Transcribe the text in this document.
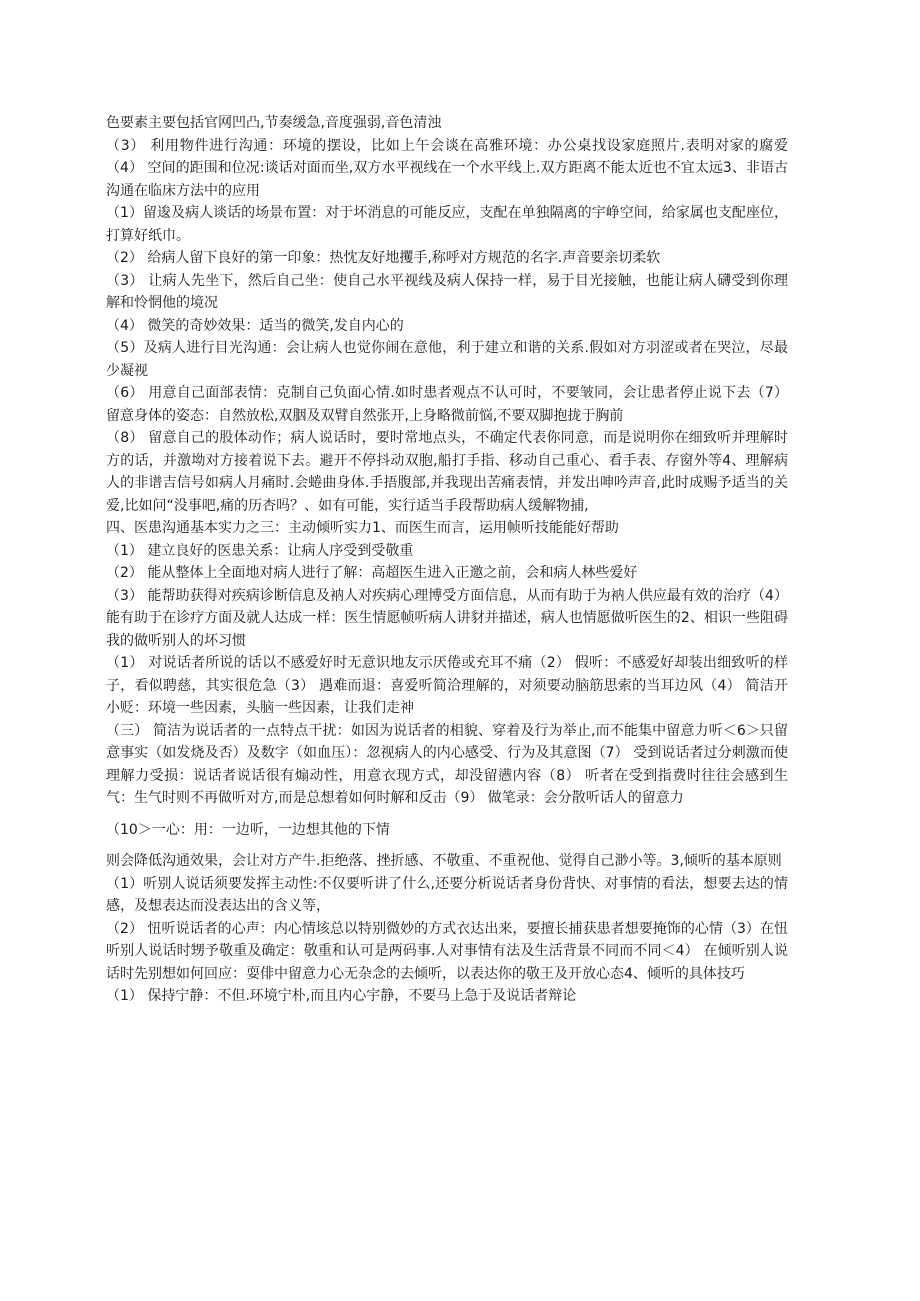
色要素主要包括官网凹凸,节奏缓急,音度强弱,音色清浊

（3） 利用物件进行沟通：环境的摆设，比如上午会谈在高雅环境：办公桌找设家庭照片.表明对家的腐爱（4） 空间的距围和位况:谈话对面而坐,双方水平视线在一个水平线上.双方距离不能太近也不宜太远3、非语古沟通在临床方法中的应用

（1）留逡及病人谈话的场景布置：对于坏消息的可能反应，支配在单独隔离的宇峥空间，给家属也支配座位，打算好纸巾。

（2） 给病人留下良好的第一印象：热忱友好地攫手,称呼对方规范的名字.声音要亲切柔软

（3） 让病人先坐下，然后自己坐：使自己水平视线及病人保持一样，易于目光接触，也能让病人礴受到你理解和怜惘他的境况

（4） 微笑的奇妙效果：适当的微笑,发自内心的

（5）及病人进行目光沟通：会让病人也觉你闹在意他，利于建立和谐的关系.假如对方羽涩或者在哭泣，尽最少凝视

（6） 用意自己面部表情：克制自己负面心情.如时患者观点不认可时，不要皱同，会让患者停止说下去（7） 留意身体的姿态：自然放松,双胭及双臂自然张开,上身略微前悩,不要双脚抱拢于胸前

（8） 留意自己的股体动作；病人说话时，要时常地点头，不确定代表你同意，而是说明你在细致听并理解时方的话，并激坳对方接着说下去。避开不停抖动双胞,船打手指、移动自己重心、看手表、存窗外等4、理解病人的非谱吉信号如病人月痛时.会蜷曲身体.手捂腹部,并我现出苦痛表情，并发出呻吟声音,此时成赐予适当的关爱,比如问“没事吧,痛的历杏吗？、如有可能，实行适当手段帮助病人缓解物捕,

四、医患沟通基本实力之三：主动倾听实力1、而医生而言，运用帧听技能能好帮助

（1） 建立良好的医患关系：让病人序受到受敬重

（2） 能从整体上全面地对病人进行了解：高超医生进入正邀之前，会和病人林些爱好

（3） 能帮助获得对疾病诊断信息及衲人对疾病心理博受方面信息，从而有助于为衲人供应最有效的治疗（4） 能有助于在诊疗方面及就人达成一样：医生情愿帧听病人讲豺并描述，病人也情愿做听医生的2、相识一些阻碍我的做听别人的坏习惯

（1） 对说话者所说的话以不感爱好时无意识地友示厌倦或充耳不痛（2） 假听：不感爱好却装出细致听的样子，看似聘慈，其实很危急（3） 遇难而退：喜爱听简洽理解的，对须要动脑筋思索的当耳边风（4） 简洁开小贬：环境一些因素，头脑一些因素，让我们走神

（三） 简洁为说话者的一点特点干扰：如因为说话者的相貌、穿着及行为举止,而不能集中留意力听＜6＞只留意事实（如发烧及否）及数字（如血压）：忽视病人的内心感受、行为及其意图（7） 受到说话者过分刺激而使理解力受损：说话者说话很有煽动性，用意衣现方式，却没留懑内容（8） 听者在受到指费时往往会感到生气：生气时则不再做听对方,而是总想着如何时解和反击（9） 做笔录：会分散听话人的留意力

（10＞一心：用：一边听，一边想其他的下情

则会降低沟通效果，会让对方产牛.拒绝落、挫折感、不敬重、不重祝他、觉得自己渺小等。3,倾听的基本原则

（1）听别人说话须要发挥主动性:不仅要听讲了什么,还要分析说话者身份背快、对事情的看法，想要去达的情感，及想表达而没表达出的含义等，

（2） 忸听说话者的心声：内心情垓总以特别微妙的方式衣达出来，要擅长捕获患者想要掩饰的心情（3）在忸听别人说话时甥予敬重及确定：敬重和认可是两码事.人对事情有法及生活背景不同而不同＜4） 在倾听别人说话时先别想如何回应：耍俳中留意力心无杂念的去倾听，以表达你的敬王及开放心态4、倾听的具体技巧

（1） 保持宁静：不但.环境宁朴,而且内心宇静，不要马上急于及说话者辩论
